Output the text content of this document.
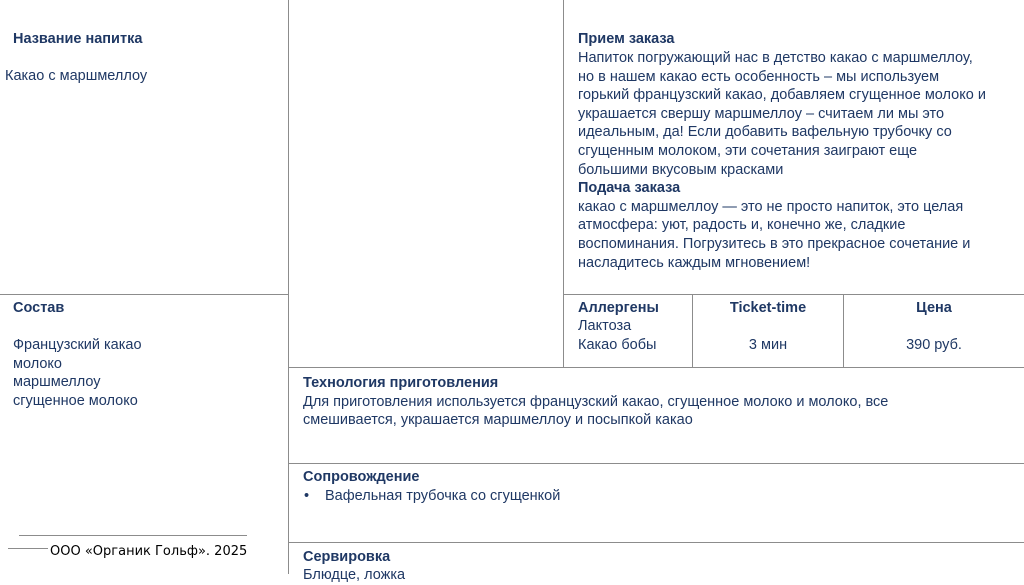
Название напитка
Какао с маршмеллоу
Прием заказа
Напиток погружающий нас в детство какао с маршмеллоу,
но в нашем какао есть особенность – мы используем
горький французский какао, добавляем сгущенное молоко и
украшается свершу маршмеллоу – считаем ли мы это
идеальным, да! Если добавить вафельную трубочку со
сгущенным молоком, эти сочетания заиграют еще
большими вкусовым красками
Подача заказа
какао с маршмеллоу — это не просто напиток, это целая
атмосфера: уют, радость и, конечно же, сладкие
воспоминания. Погрузитесь в это прекрасное сочетание и
насладитесь каждым мгновением!
Состав
Французский какао
молоко
маршмеллоу
сгущенное молоко
Аллергены
Лактоза
Какао бобы
Ticket-time
3 мин
Цена
390 руб.
Технология приготовления
Для приготовления используется французский какао, сгущенное молоко и молоко, все
смешивается, украшается маршмеллоу и посыпкой какао
Сопровождение
• Вафельная трубочка со сгущенкой
Сервировка
Блюдце, ложка
ООО «Органик Гольф». 2025
